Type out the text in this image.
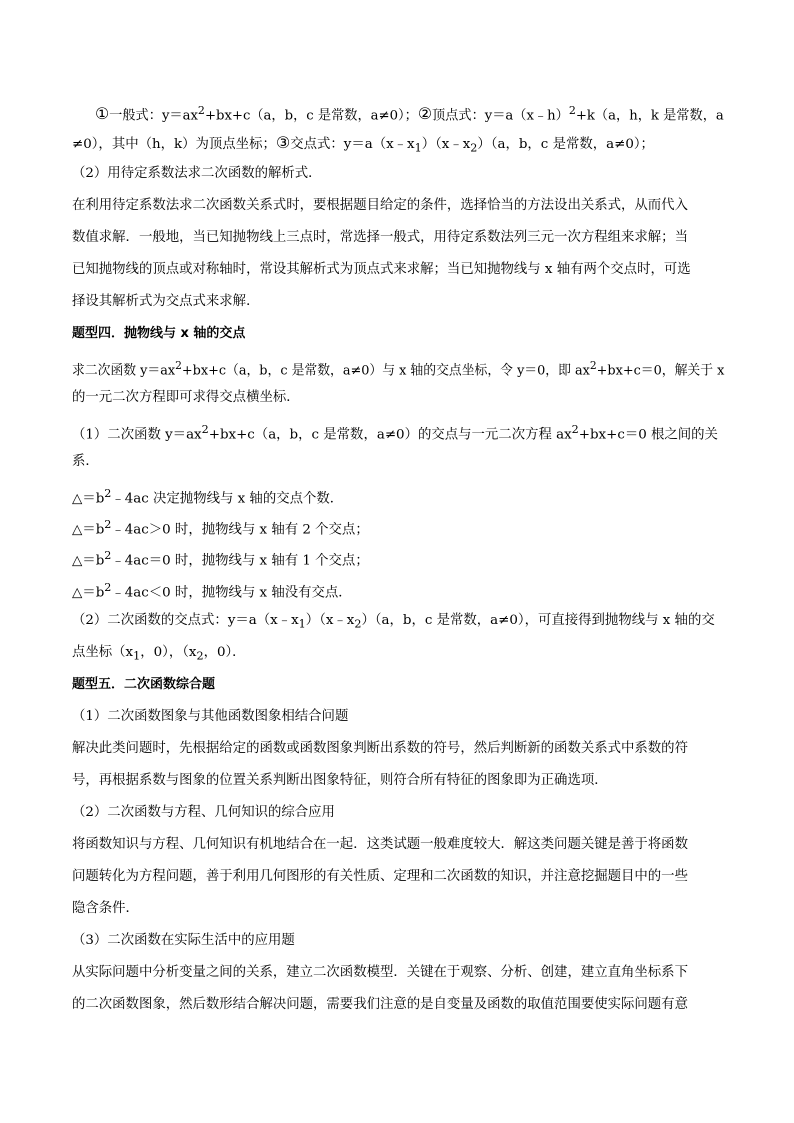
①一般式：$y=ax^2+bx+c(a$，b，c 是常数，a≠0）；②顶点式：y＝a（x﹣h）$^2$+k（a，h，k 是常数，a
≠0），其中（h，k）为顶点坐标；③交点式：$y=a(x﹣x_1)(x﹣x_2)(a$，b，c 是常数，a≠0）；
（2）用待定系数法求二次函数的解析式．
在利用待定系数法求二次函数关系式时，要根据题目给定的条件，选择恰当的方法设出关系式，从而代入
数值求解．一般地，当已知抛物线上三点时，常选择一般式，用待定系数法列三元一次方程组来求解；当
已知抛物线的顶点或对称轴时，常设其解析式为顶点式来求解；当已知抛物线与 x 轴有两个交点时，可选
择设其解析式为交点式来求解．
题型四．抛物线与 x 轴的交点
求二次函数 $y=ax^2+bx+c(a$，b，c 是常数，a≠0）与 x 轴的交点坐标，令 y＝0，即 $ax^2+bx+c=0$，解关于 x
的一元二次方程即可求得交点横坐标．
（1）二次函数 $y=ax^2+bx+c(a$，b，c 是常数，a≠0）的交点与一元二次方程 $ax^2+bx+c=0$ 根之间的关
系．
$\triangle=b^2﹣4ac$ 决定抛物线与 x 轴的交点个数．
$\triangle=b^2﹣4ac>0$ 时，抛物线与 x 轴有 2 个交点；
$\triangle=b^2﹣4ac=0$ 时，抛物线与 x 轴有 1 个交点；
$\triangle=b^2﹣4ac<0$ 时，抛物线与 x 轴没有交点．
（2）二次函数的交点式：$y=a(x﹣x_1)(x﹣x_2)(a$，b，c 是常数，a≠0），可直接得到抛物线与 x 轴的交
点坐标（$x_1$，0），（$x_2$，0）．
题型五．二次函数综合题
（1）二次函数图象与其他函数图象相结合问题
解决此类问题时，先根据给定的函数或函数图象判断出系数的符号，然后判断新的函数关系式中系数的符
号，再根据系数与图象的位置关系判断出图象特征，则符合所有特征的图象即为正确选项．
（2）二次函数与方程、几何知识的综合应用
将函数知识与方程、几何知识有机地结合在一起．这类试题一般难度较大．解这类问题关键是善于将函数
问题转化为方程问题，善于利用几何图形的有关性质、定理和二次函数的知识，并注意挖掘题目中的一些
隐含条件．
（3）二次函数在实际生活中的应用题
从实际问题中分析变量之间的关系，建立二次函数模型．关键在于观察、分析、创建，建立直角坐标系下
的二次函数图象，然后数形结合解决问题，需要我们注意的是自变量及函数的取值范围要使实际问题有意
